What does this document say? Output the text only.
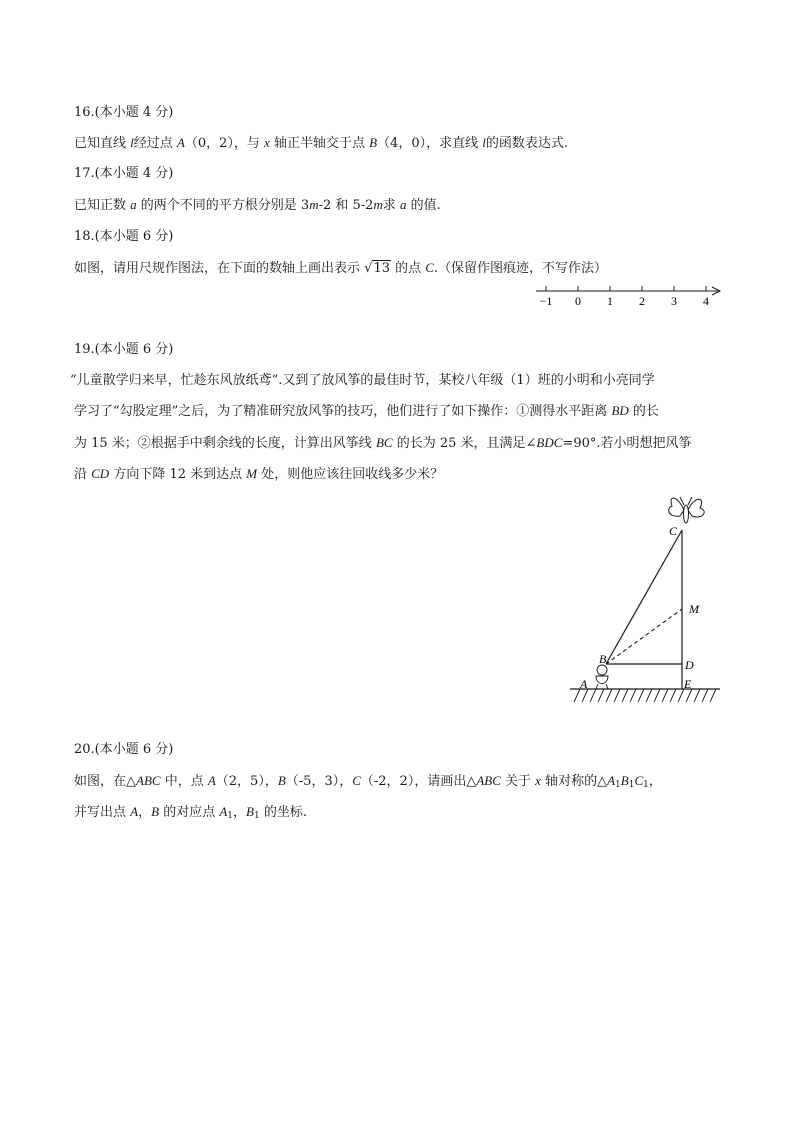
16.(本小题 4 分)
已知直线 l经过点 A（0，2），与 x 轴正半轴交于点 B（4，0），求直线 l的函数表达式.
17.(本小题 4 分)
已知正数 a 的两个不同的平方根分别是 3m-2 和 5-2m求 a 的值.
18.(本小题 6 分)
如图，请用尺规作图法，在下面的数轴上画出表示 √13 的点 C.（保留作图痕迹，不写作法）
−1 0 1 2 3 4
19.(本小题 6 分)
“儿童散学归来早，忙趁东风放纸鸢”.又到了放风筝的最佳时节，某校八年级（1）班的小明和小亮同学
学习了“勾股定理”之后，为了精准研究放风筝的技巧，他们进行了如下操作：①测得水平距离 BD 的长
为 15 米；②根据手中剩余线的长度，计算出风筝线 BC 的长为 25 米，且满足∠BDC=90°.若小明想把风筝
沿 CD 方向下降 12 米到达点 M 处，则他应该往回收线多少米？
C
M
B	D
A	E
20.(本小题 6 分)
如图，在△ABC 中，点 A（2，5），B（-5，3），C（-2，2），请画出△ABC 关于 x 轴对称的$\triangle A_1B_1C_1$，
并写出点 A，B 的对应点 $A_1$，$B_1$ 的坐标.
